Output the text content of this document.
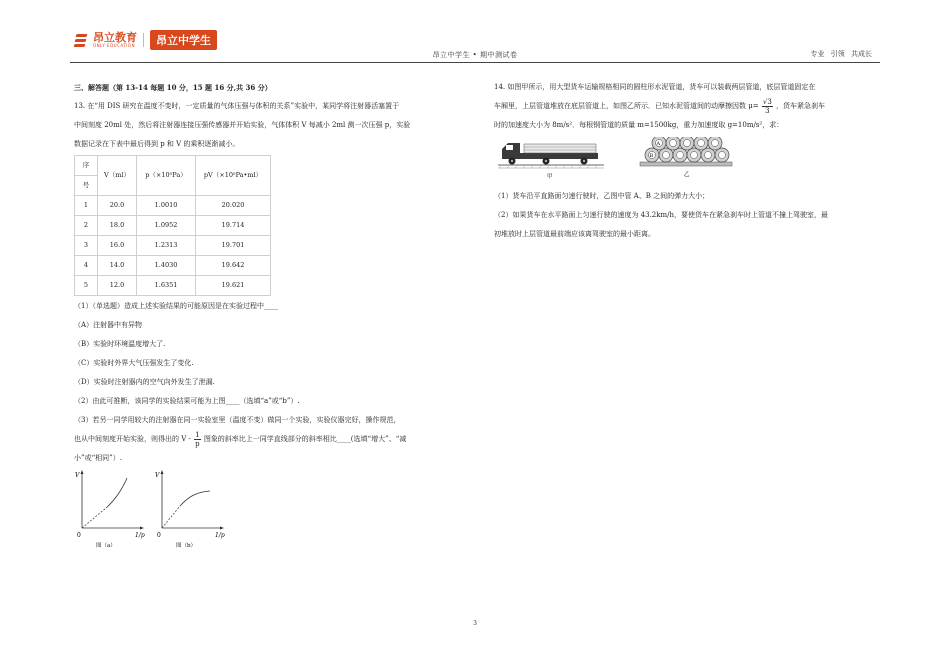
昂立教育
ONLY EDUCATION	昂立中学生
昂立中学生 • 期中测试卷	专业 引领 共成长

三、解答题（第 13-14 每题 10 分，15 题 16 分,共 36 分）

13. 在“用 DIS 研究在温度不变时，一定质量的气体压强与体积的关系”实验中，某同学将注射器活塞置于

中间刻度 20ml 处，然后将注射器连接压强传感器并开始实验，气体体积 V 每减小 2ml 测一次压强 p，实验

数据记录在下表中最后得到 p 和 V 的乘积逐渐减小。

序	V（ml）	p（×10⁵Pa）	pV（×10⁵Pa•ml）
号			
1	20.0	1.0010	20.020
2	18.0	1.0952	19.714
3	16.0	1.2313	19.701
4	14.0	1.4030	19.642
5	12.0	1.6351	19.621

（1）（单选题）造成上述实验结果的可能原因是在实验过程中____

（A）注射器中有异物

（B）实验时环境温度增大了.

（C）实验时外界大气压强发生了变化.

（D）实验时注射器内的空气向外发生了泄漏.

（2）由此可推断，该同学的实验结果可能为上图____（选填“a”或“b”）.

（3）若另一同学用较大的注射器在同一实验室里（温度不变）做同一个实验，实验仪器完好，操作规范，

也从中间刻度开始实验，则得出的 V - $\frac{1}{p}$ 图象的斜率比上一同学直线部分的斜率相比____(选填“增大”、“减

小”或“相同”）.

V
1/p
0
图（a）
V
1/p
0
图（b）

14. 如图甲所示，用大型货车运输规格相同的圆柱形水泥管道，货车可以装载两层管道，底层管道固定在

车厢里，上层管道堆放在底层管道上，如图乙所示．已知水泥管道间的动摩擦因数 $\mu= \frac{√3}{3}$ ，货车紧急刹车

时的加速度大小为 8m/s²．每根钢管道的质量 m=1500kg，重力加速度取 g=10m/s²，求：

甲
A
B
乙

（1）货车沿平直路面匀速行驶时，乙图中管 A、B 之间的弹力大小；

（2）如果货车在水平路面上匀速行驶的速度为 43.2km/h，要使货车在紧急刹车时上管道不撞上驾驶室，最

初堆放时上层管道最前端应该离驾驶室的最小距离。

3
